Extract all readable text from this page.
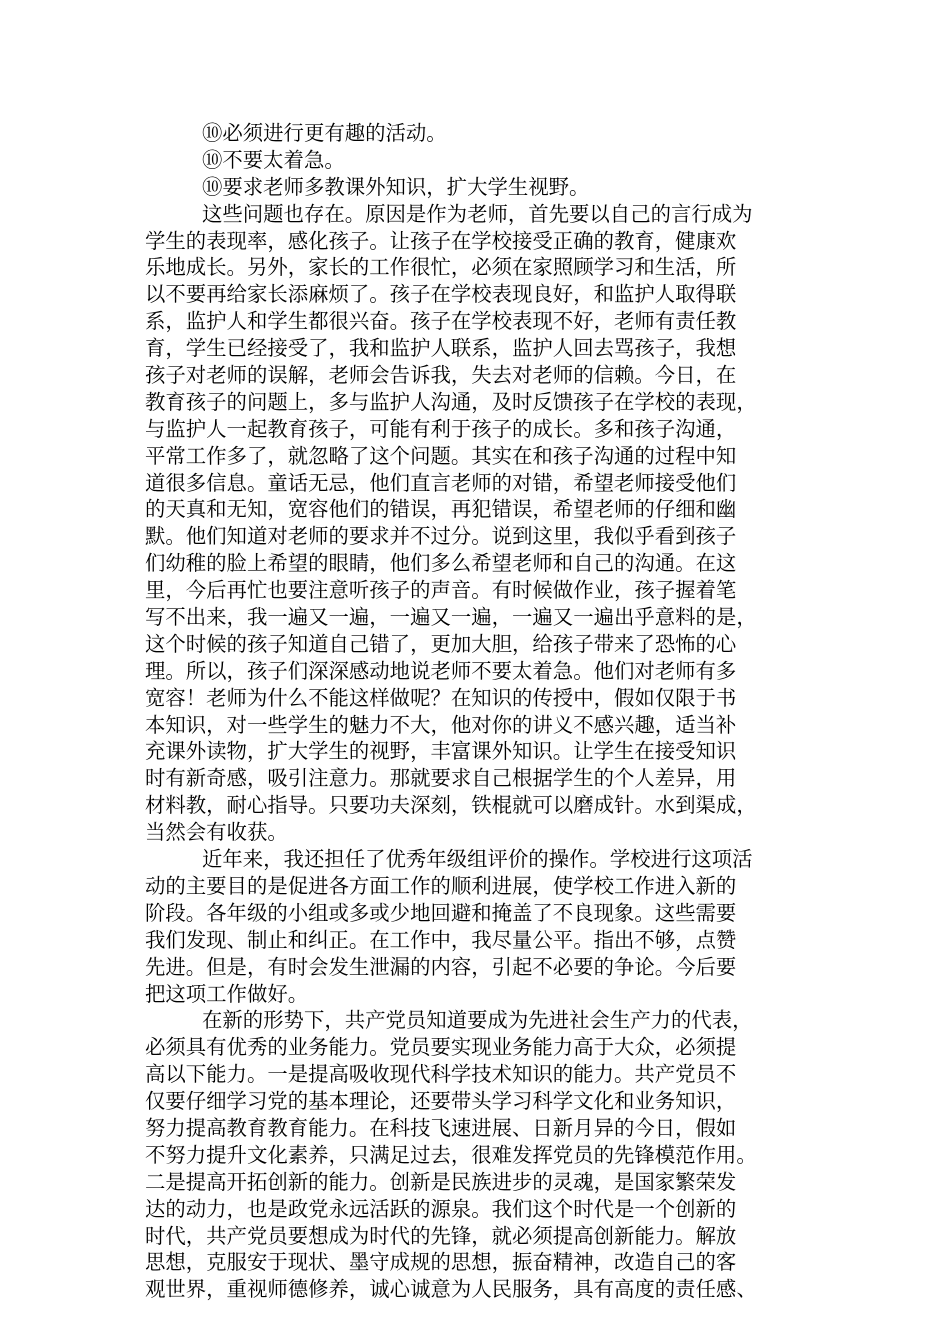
⑩必须进行更有趣的活动。
⑩不要太着急。
⑩要求老师多教课外知识，扩大学生视野。
这些问题也存在。原因是作为老师，首先要以自己的言行成为
学生的表现率，感化孩子。让孩子在学校接受正确的教育，健康欢
乐地成长。另外，家长的工作很忙，必须在家照顾学习和生活，所
以不要再给家长添麻烦了。孩子在学校表现良好，和监护人取得联
系，监护人和学生都很兴奋。孩子在学校表现不好，老师有责任教
育，学生已经接受了，我和监护人联系，监护人回去骂孩子，我想
孩子对老师的误解，老师会告诉我，失去对老师的信赖。今日，在
教育孩子的问题上，多与监护人沟通，及时反馈孩子在学校的表现，
与监护人一起教育孩子，可能有利于孩子的成长。多和孩子沟通，
平常工作多了，就忽略了这个问题。其实在和孩子沟通的过程中知
道很多信息。童话无忌，他们直言老师的对错，希望老师接受他们
的天真和无知，宽容他们的错误，再犯错误，希望老师的仔细和幽
默。他们知道对老师的要求并不过分。说到这里，我似乎看到孩子
们幼稚的脸上希望的眼睛，他们多么希望老师和自己的沟通。在这
里，今后再忙也要注意听孩子的声音。有时候做作业，孩子握着笔
写不出来，我一遍又一遍，一遍又一遍，一遍又一遍出乎意料的是，
这个时候的孩子知道自己错了，更加大胆，给孩子带来了恐怖的心
理。所以，孩子们深深感动地说老师不要太着急。他们对老师有多
宽容！老师为什么不能这样做呢？在知识的传授中，假如仅限于书
本知识，对一些学生的魅力不大，他对你的讲义不感兴趣，适当补
充课外读物，扩大学生的视野，丰富课外知识。让学生在接受知识
时有新奇感，吸引注意力。那就要求自己根据学生的个人差异，用
材料教，耐心指导。只要功夫深刻，铁棍就可以磨成针。水到渠成，
当然会有收获。
近年来，我还担任了优秀年级组评价的操作。学校进行这项活
动的主要目的是促进各方面工作的顺利进展，使学校工作进入新的
阶段。各年级的小组或多或少地回避和掩盖了不良现象。这些需要
我们发现、制止和纠正。在工作中，我尽量公平。指出不够，点赞
先进。但是，有时会发生泄漏的内容，引起不必要的争论。今后要
把这项工作做好。
在新的形势下，共产党员知道要成为先进社会生产力的代表，
必须具有优秀的业务能力。党员要实现业务能力高于大众，必须提
高以下能力。一是提高吸收现代科学技术知识的能力。共产党员不
仅要仔细学习党的基本理论，还要带头学习科学文化和业务知识，
努力提高教育教育能力。在科技飞速进展、日新月异的今日，假如
不努力提升文化素养，只满足过去，很难发挥党员的先锋模范作用。
二是提高开拓创新的能力。创新是民族进步的灵魂，是国家繁荣发
达的动力，也是政党永远活跃的源泉。我们这个时代是一个创新的
时代，共产党员要想成为时代的先锋，就必须提高创新能力。解放
思想，克服安于现状、墨守成规的思想，振奋精神，改造自己的客
观世界，重视师德修养，诚心诚意为人民服务，具有高度的责任感、
